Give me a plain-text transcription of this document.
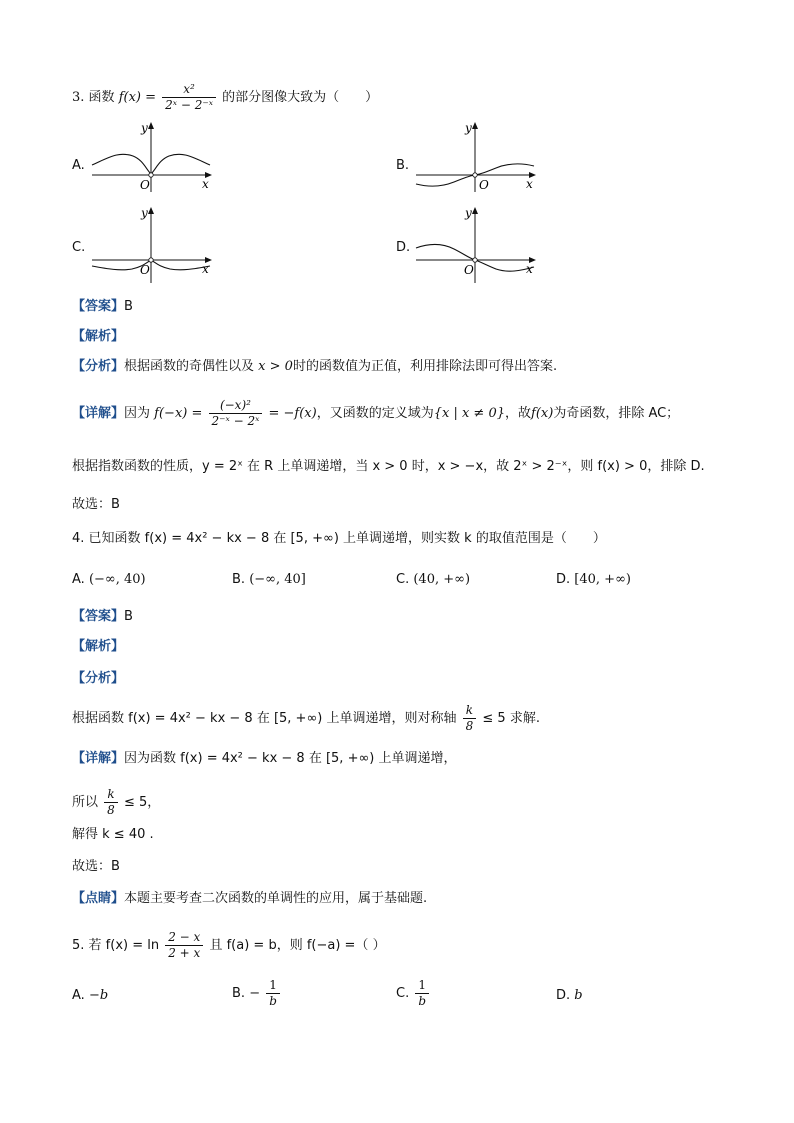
3. 函数 $f(x) = \frac{\text{x²}}{\text{2ˣ − 2⁻ˣ}}$ 的部分图像大致为（　　）
A.	B.
C.	D.
O	x
y
O	x
y
O	x
y
O	x
y
【答案】B
【解析】
【分析】根据函数的奇偶性以及 x > 0时的函数值为正值，利用排除法即可得出答案.
【详解】因为 $f(-x) = \frac{\text{(−x)²}}{\text{2⁻ˣ − 2ˣ}} = -f(x)$，又函数的定义域为{x | x ≠ 0}，故f(x)为奇函数，排除 AC；
根据指数函数的性质，y = 2ˣ 在 R 上单调递增，当 x > 0 时，x > −x，故 2ˣ > 2⁻ˣ，则 f(x) > 0，排除 D.
故选：B
4. 已知函数 f(x) = 4x² − kx − 8 在 [5, +∞) 上单调递增，则实数 k 的取值范围是（　　）
A. (−∞, 40)	B. (−∞, 40]	C. (40, +∞)	D. [40, +∞)
【答案】B
【解析】
【分析】
根据函数 f(x) = 4x² − kx − 8 在 [5, +∞) 上单调递增，则对称轴 $\frac{k}{8} \le 5$ 求解.
【详解】因为函数 f(x) = 4x² − kx − 8 在 [5, +∞) 上单调递增，
所以 $\frac{k}{8} \le 5$，
解得 k ≤ 40 .
故选：B
【点睛】本题主要考查二次函数的单调性的应用，属于基础题.
5. 若 $f(x) = \ln \frac{2 - x}{2 + x}$ 且 f(a) = b，则 f(−a) =（ ）
A. −b	B. − $\frac{1}{b}$	C. $\frac{1}{b}$	D. b
